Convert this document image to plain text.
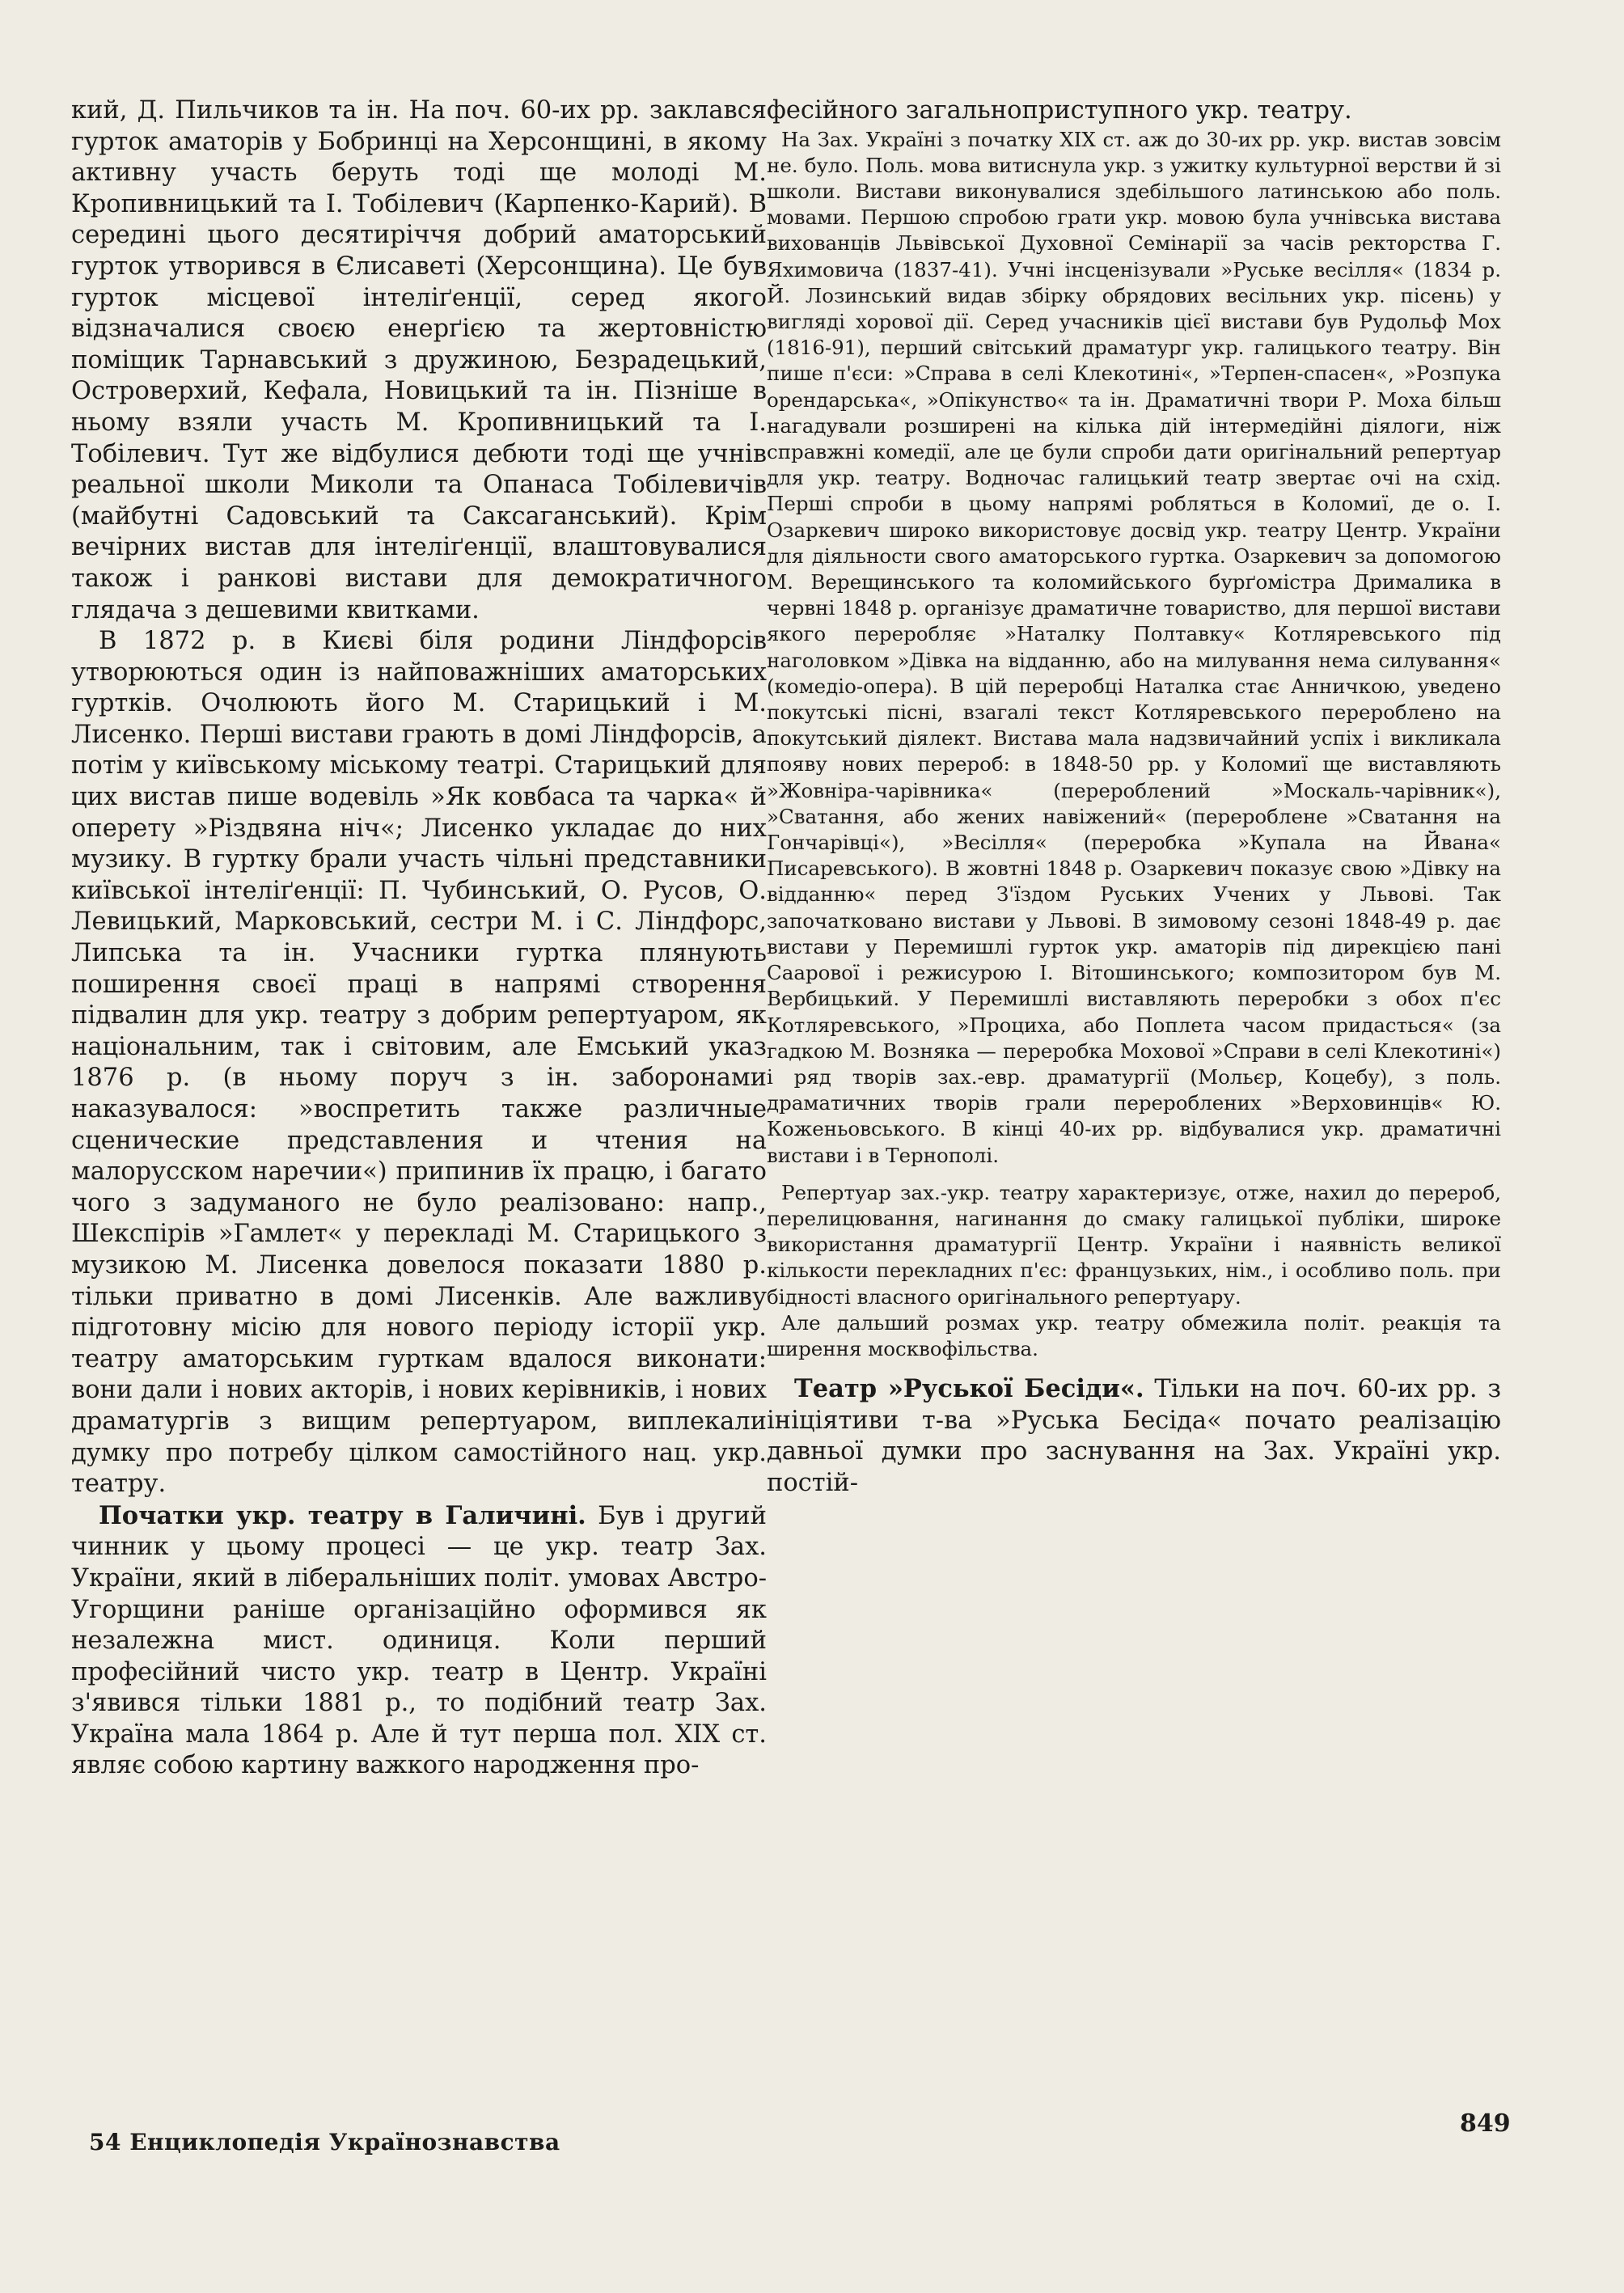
кий, Д. Пильчиков та ін. На поч. 60-их рр. заклався гурток аматорів у Бобринці на Херсонщині, в якому активну участь беруть тоді ще молоді М. Кропивницький та І. Тобілевич (Карпенко-Карий). В середині цього десятиріччя добрий аматорський гурток утворився в Єлисаветі (Херсонщина). Це був гурток місцевої інтеліґенції, серед якого відзначалися своєю енерґією та жертовністю поміщик Тарнавський з дружиною, Безрадецький, Островерхий, Кефала, Новицький та ін. Пізніше в ньому взяли участь М. Кропивницький та І. Тобілевич. Тут же відбулися дебюти тоді ще учнів реальної школи Миколи та Опанаса Тобілевичів (майбутні Садовський та Саксаганський). Крім вечірних вистав для інтеліґенції, влаштовувалися також і ранкові вистави для демократичного глядача з дешевими квитками.

В 1872 р. в Києві біля родини Ліндфорсів утворюються один із найповажніших аматорських гуртків. Очолюють його М. Старицький і М. Лисенко. Перші вистави грають в домі Ліндфорсів, а потім у київському міському театрі. Старицький для цих вистав пише водевіль »Як ковбаса та чарка« й оперету »Різдвяна ніч«; Лисенко укладає до них музику. В гуртку брали участь чільні представники київської інтеліґенції: П. Чубинський, О. Русов, О. Левицький, Марковський, сестри М. і С. Ліндфорс, Липська та ін. Учасники гуртка плянують поширення своєї праці в напрямі створення підвалин для укр. театру з добрим репертуаром, як національним, так і світовим, але Емський указ 1876 р. (в ньому поруч з ін. заборонами наказувалося: »воспретить также различные сценические представления и чтения на малорусском наречии«) припинив їх працю, і багато чого з задуманого не було реалізовано: напр., Шекспірів »Гамлет« у перекладі М. Старицького з музикою М. Лисенка довелося показати 1880 р. тільки приватно в домі Лисенків. Але важливу підготовну місію для нового періоду історії укр. театру аматорським гурткам вдалося виконати: вони дали і нових акторів, і нових керівників, і нових драматургів з вищим репертуаром, виплекали думку про потребу цілком самостійного нац. укр. театру.

Початки укр. театру в Галичині. Був і другий чинник у цьому процесі — це укр. театр Зах. України, який в ліберальніших політ. умовах Австро-Угорщини раніше організаційно оформився як незалежна мист. одиниця. Коли перший професійний чисто укр. театр в Центр. Україні з'явився тільки 1881 р., то подібний театр Зах. Україна мала 1864 р. Але й тут перша пол. XIX ст. являє собою картину важкого народження про-

фесійного загальноприступного укр. театру.

На Зах. Україні з початку XIX ст. аж до 30-их рр. укр. вистав зовсім не. було. Поль. мова витиснула укр. з ужитку культурної верстви й зі школи. Вистави виконувалися здебільшого латинською або поль. мовами. Першою спробою грати укр. мовою була учнівська вистава вихованців Львівської Духовної Семінарії за часів ректорства Г. Яхимовича (1837-41). Учні інсценізували »Руське весілля« (1834 р. Й. Лозинський видав збірку обрядових весільних укр. пісень) у вигляді хорової дії. Серед учасників цієї вистави був Рудольф Мох (1816-91), перший світський драматург укр. галицького театру. Він пише п'єси: »Справа в селі Клекотині«, »Терпен-спасен«, »Розпука орендарська«, »Опікунство« та ін. Драматичні твори Р. Моха більш нагадували розширені на кілька дій інтермедійні діялоги, ніж справжні комедії, але це були спроби дати оригінальний репертуар для укр. театру. Водночас галицький театр звертає очі на схід. Перші спроби в цьому напрямі робляться в Коломиї, де о. І. Озаркевич широко використовує досвід укр. театру Центр. України для діяльности свого аматорського гуртка. Озаркевич за допомогою М. Верещинського та коломийського бурґомістра Дрималика в червні 1848 р. організує драматичне товариство, для першої вистави якого переробляє »Наталку Полтавку« Котляревського під наголовком »Дівка на відданню, або на милування нема силування« (комедіо-опера). В цій переробці Наталка стає Анничкою, уведено покутські пісні, взагалі текст Котляревського перероблено на покутський діялект. Вистава мала надзвичайний успіх і викликала появу нових перероб: в 1848-50 рр. у Коломиї ще виставляють »Жовніра-чарівника« (перероблений »Москаль-чарівник«), »Сватання, або жених навіжений« (перероблене »Сватання на Гончарівці«), »Весілля« (переробка »Купала на Йвана« Писаревського). В жовтні 1848 р. Озаркевич показує свою »Дівку на відданню« перед З'їздом Руських Учених у Львові. Так започатковано вистави у Львові. В зимовому сезоні 1848-49 р. дає вистави у Перемишлі гурток укр. аматорів під дирекцією пані Саарової і режисурою І. Вітошинського; композитором був М. Вербицький. У Перемишлі виставляють переробки з обох п'єс Котляревського, »Проциха, або Поплета часом придасться« (за гадкою М. Возняка — переробка Мохової »Справи в селі Клекотині«) і ряд творів зах.-евр. драматургії (Мольєр, Коцебу), з поль. драматичних творів грали перероблених »Верховинців« Ю. Коженьовського. В кінці 40-их рр. відбувалися укр. драматичні вистави і в Тернополі.

Репертуар зах.-укр. театру характеризує, отже, нахил до перероб, перелицювання, нагинання до смаку галицької публіки, широке використання драматургії Центр. України і наявність великої кількости перекладних п'єс: французьких, нім., і особливо поль. при бідності власного оригінального репертуару.

Але дальший розмах укр. театру обмежила політ. реакція та ширення москвофільства.

Театр »Руської Бесіди«. Тільки на поч. 60-их рр. з ініціятиви т-ва »Руська Бесіда« почато реалізацію давньої думки про заснування на Зах. Україні укр. постій-

54 Енциклопедія Українознавства
849
